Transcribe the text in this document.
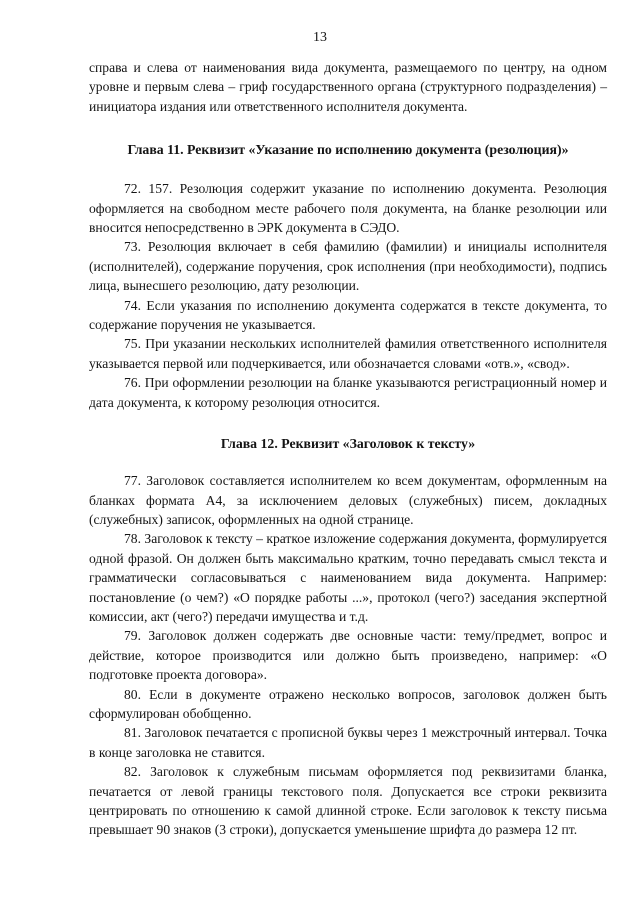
13

справа и слева от наименования вида документа, размещаемого по центру, на одном уровне и первым слева – гриф государственного органа (структурного подразделения) – инициатора издания или ответственного исполнителя документа.

Глава 11. Реквизит «Указание по исполнению документа (резолюция)»

72. 157. Резолюция содержит указание по исполнению документа. Резолюция оформляется на свободном месте рабочего поля документа, на бланке резолюции или вносится непосредственно в ЭРК документа в СЭДО.

73. Резолюция включает в себя фамилию (фамилии) и инициалы исполнителя (исполнителей), содержание поручения, срок исполнения (при необходимости), подпись лица, вынесшего резолюцию, дату резолюции.

74. Если указания по исполнению документа содержатся в тексте документа, то содержание поручения не указывается.

75. При указании нескольких исполнителей фамилия ответственного исполнителя указывается первой или подчеркивается, или обозначается словами «отв.», «свод».

76. При оформлении резолюции на бланке указываются регистрационный номер и дата документа, к которому резолюция относится.

Глава 12. Реквизит «Заголовок к тексту»

77. Заголовок составляется исполнителем ко всем документам, оформленным на бланках формата А4, за исключением деловых (служебных) писем, докладных (служебных) записок, оформленных на одной странице.

78. Заголовок к тексту – краткое изложение содержания документа, формулируется одной фразой. Он должен быть максимально кратким, точно передавать смысл текста и грамматически согласовываться с наименованием вида документа. Например: постановление (о чем?) «О порядке работы ...», протокол (чего?) заседания экспертной комиссии, акт (чего?) передачи имущества и т.д.

79. Заголовок должен содержать две основные части: тему/предмет, вопрос и действие, которое производится или должно быть произведено, например: «О подготовке проекта договора».

80. Если в документе отражено несколько вопросов, заголовок должен быть сформулирован обобщенно.

81. Заголовок печатается с прописной буквы через 1 межстрочный интервал. Точка в конце заголовка не ставится.

82. Заголовок к служебным письмам оформляется под реквизитами бланка, печатается от левой границы текстового поля. Допускается все строки реквизита центрировать по отношению к самой длинной строке. Если заголовок к тексту письма превышает 90 знаков (3 строки), допускается уменьшение шрифта до размера 12 пт.
